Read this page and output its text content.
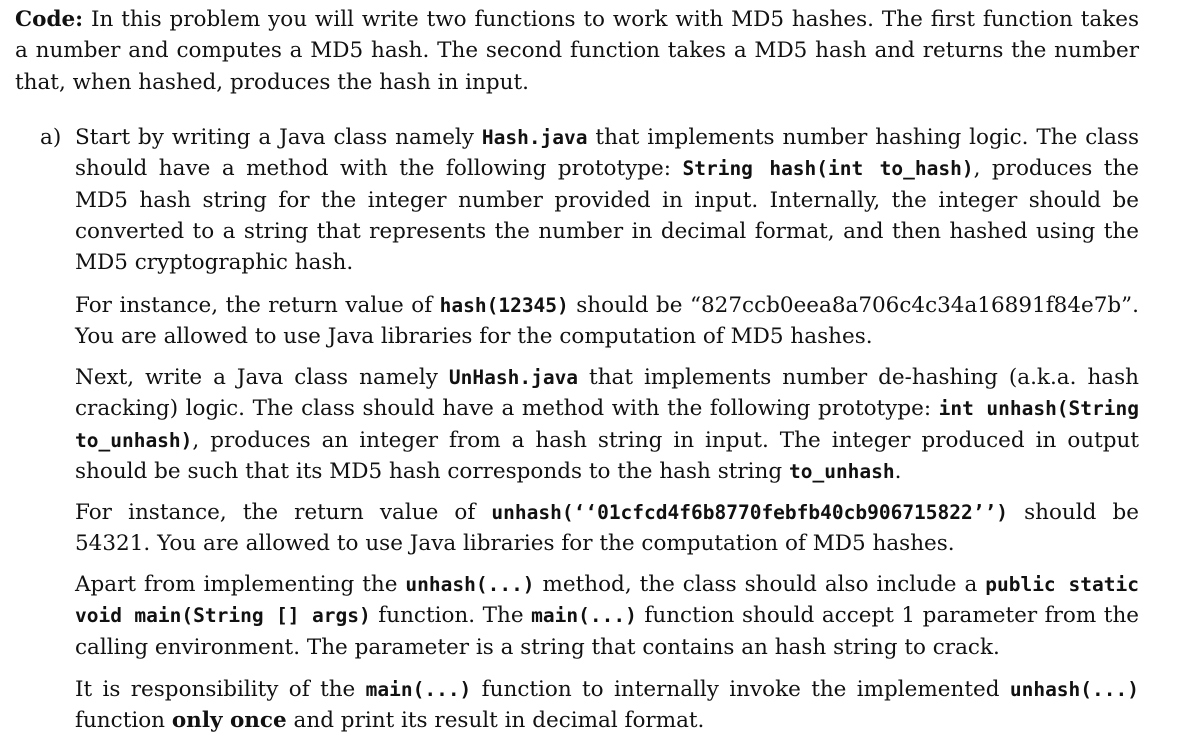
Code: In this problem you will write two functions to work with MD5 hashes. The first function takes a number and computes a MD5 hash. The second function takes a MD5 hash and returns the number that, when hashed, produces the hash in input.

a) Start by writing a Java class namely Hash.java that implements number hashing logic. The class should have a method with the following prototype: String hash(int to_hash), produces the MD5 hash string for the integer number provided in input. Internally, the integer should be converted to a string that represents the number in decimal format, and then hashed using the MD5 cryptographic hash.

For instance, the return value of hash(12345) should be “827ccb0eea8a706c4c34a16891f84e7b”. You are allowed to use Java libraries for the computation of MD5 hashes.

Next, write a Java class namely UnHash.java that implements number de-hashing (a.k.a. hash cracking) logic. The class should have a method with the following prototype: int unhash(String to_unhash), produces an integer from a hash string in input. The integer produced in output should be such that its MD5 hash corresponds to the hash string to_unhash.

For instance, the return value of unhash(‘‘01cfcd4f6b8770febfb40cb906715822’’) should be 54321. You are allowed to use Java libraries for the computation of MD5 hashes.

Apart from implementing the unhash(...) method, the class should also include a public static void main(String [] args) function. The main(...) function should accept 1 parameter from the calling environment. The parameter is a string that contains an hash string to crack.

It is responsibility of the main(...) function to internally invoke the implemented unhash(...) function only once and print its result in decimal format.
